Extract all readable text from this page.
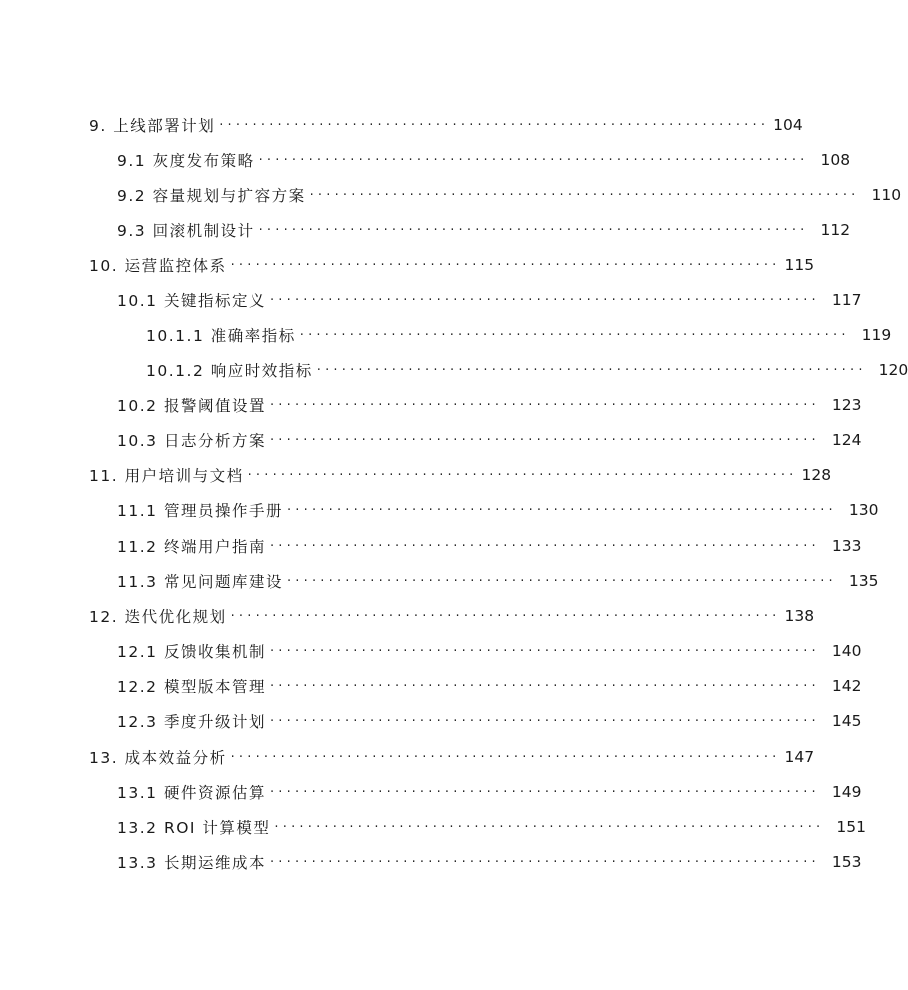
9. 上线部署计划 ·································································· 104
9.1 灰度发布策略 ·································································· 108
9.2 容量规划与扩容方案 ·································································· 110
9.3 回滚机制设计 ·································································· 112
10. 运营监控体系 ·································································· 115
10.1 关键指标定义 ·································································· 117
10.1.1 准确率指标 ·································································· 119
10.1.2 响应时效指标 ·································································· 120
10.2 报警阈值设置 ·································································· 123
10.3 日志分析方案 ·································································· 124
11. 用户培训与文档 ·································································· 128
11.1 管理员操作手册 ·································································· 130
11.2 终端用户指南 ·································································· 133
11.3 常见问题库建设 ·································································· 135
12. 迭代优化规划 ·································································· 138
12.1 反馈收集机制 ·································································· 140
12.2 模型版本管理 ·································································· 142
12.3 季度升级计划 ·································································· 145
13. 成本效益分析 ·································································· 147
13.1 硬件资源估算 ·································································· 149
13.2 ROI 计算模型 ·································································· 151
13.3 长期运维成本 ·································································· 153
